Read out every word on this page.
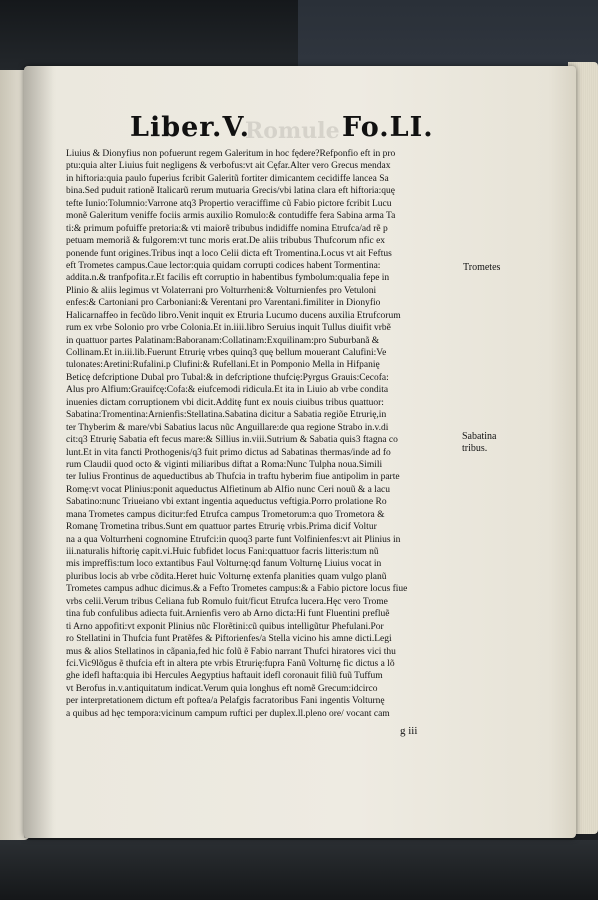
Romule
Liber.V.	Fo.LI.
Liuius & Dionyfius non pofuerunt regem Galeritum in hoc fędere?Refponfio eft in pro
ptu:quia alter Liuius fuit negligens & verbofus:vt ait Cęfar.Alter vero Grecus mendax
in hiftoria:quia paulo fuperius fcribit Galeritũ fortiter dimicantem cecidiffe lancea Sa
bina.Sed puduit rationẽ Italicarũ rerum mutuaria Grecis/vbi latina clara eft hiftoria:quę
tefte Iunio:Tolumnio:Varrone atq3 Propertio veraciffime cũ Fabio pictore fcribit Lucu
monẽ Galeritum veniffe fociis armis auxilio Romulo:& contudiffe fera Sabina arma Ta
ti:& primum pofuiffe pretoria:& vti maiorẽ tribubus indidiffe nomina Etrufca/ad rẽ p
petuam memoriã & fulgorem:vt tunc moris erat.De aliis tribubus Thufcorum nfic ex
ponende funt origines.Tribus inqt a loco Celii dicta eft Tromentina.Locus vt ait Feftus
eft Trometes campus.Caue lector:quia quidam corrupti codices habent Tormentina:
addita.n.& tranfpofita.r.Et facilis eft corruptio in habentibus fymbolum:qualia fepe in
Plinio & aliis legimus vt Volaterrani pro Volturrheni:& Volturnienfes pro Vetuloni
enfes:& Cartoniani pro Carboniani:& Verentani pro Varentani.fimiliter in Dionyfio
Halicarnaffeo in fecũdo libro.Venit inquit ex Etruria Lucumo ducens auxilia Etrufcorum
rum ex vrbe Solonio pro vrbe Colonia.Et in.iiii.libro Seruius inquit Tullus diuifit vrbẽ
in quattuor partes Palatinam:Baboranam:Collatinam:Exquilinam:pro Suburbanã &
Collinam.Et in.iii.lib.Fuerunt Etrurię vrbes quinq3 quę bellum mouerant Calufini:Ve
tulonates:Aretini:Rufalini.p Clufini:& Rufellani.Et in Pomponio Mella in Hifpanię
Beticę defcriptione Dubal pro Tubal:& in defcriptione thufcię:Pyrgus Grauis:Cecofa:
Alus pro Alfium:Grauifcę:Cofa:& eiufcemodi ridicula.Et ita in Liuio ab vrbe condita
inuenies dictam corruptionem vbi dicit.Additę funt ex nouis ciuibus tribus quattuor:
Sabatina:Tromentina:Arnienfis:Stellatina.Sabatina dicitur a Sabatia regiõe Etrurię,in
ter Thyberim & mare/vbi Sabatius lacus nũc Anguillare:de qua regione Strabo in.v.di
cit:q3 Etrurię Sabatia eft fecus mare:& Sillius in.viii.Sutrium & Sabatia quis3 ftagna co
lunt.Et in vita fancti Prothogenis/q3 fuit primo dictus ad Sabatinas thermas/inde ad fo
rum Claudii quod octo & viginti miliaribus diftat a Roma:Nunc Tulpha noua.Simili
ter Iulius Frontinus de aqueductibus ab Thufcia in traftu hyberim fiue antipolim in parte
Romę:vt vocat Plinius:ponit aqueductus Alfietinum ab Alfio nunc Ceri nouũ & a lacu
Sabatino:nunc Triueiano vbi extant ingentia aqueductus veftigia.Porro prolatione Ro
mana Trometes campus dicitur:fed Etrufca campus Trometorum:a quo Trometora &
Romanę Trometina tribus.Sunt em quattuor partes Etrurię vrbis.Prima dicif Voltur
na a qua Volturrheni cognomine Etrufci:in quoq3 parte funt Volfinienfes:vt ait Plinius in
iii.naturalis hiftorię capit.vi.Huic fubfidet locus Fani:quattuor facris litteris:tum nũ
mis impreffis:tum loco extantibus Faul Volturnę:qd fanum Volturnę Liuius vocat in
pluribus locis ab vrbe cõdita.Heret huic Volturnę extenfa planities quam vulgo planũ
Trometes campus adhuc dicimus.& a Fefto Trometes campus:& a Fabio pictore locus fiue
vrbs celii.Verum tribus Celiana fub Romulo fuit/ficut Etrufca lucera.Hęc vero Trome
tina fub confulibus adiecta fuit.Arnienfis vero ab Arno dicta:Hi funt Fluentini prefluẽ
ti Arno appofiti:vt exponit Plinius nũc Florẽtini:cũ quibus intelligũtur Phefulani.Por
ro Stellatini in Thufcia funt Pratẽfes & Piftorienfes/a Stella vicino his amne dicti.Legi
mus & alios Stellatinos in cãpania,fed hic folũ ẽ Fabio narrant Thufci hiratores vici thu
fci.Vic9lõgus ẽ thufcia eft in altera pte vrbis Etrurię:fupra Fanũ Volturnę fic dictus a lõ
ghe idefl hafta:quia ibi Hercules Aegyptius haftauit idefl coronauit filiũ fuũ Tuffum
vt Berofus in.v.antiquitatum indicat.Verum quia longhus eft nomẽ Grecum:idcirco
per interpretationem dictum eft poftea/a Pelafgis facratoribus Fani ingentis Volturnę
a quibus ad hęc tempora:vicinum campum ruftici per duplex.ll.pleno ore/ vocant cam
Trometes
Sabatina tribus.
g iii
